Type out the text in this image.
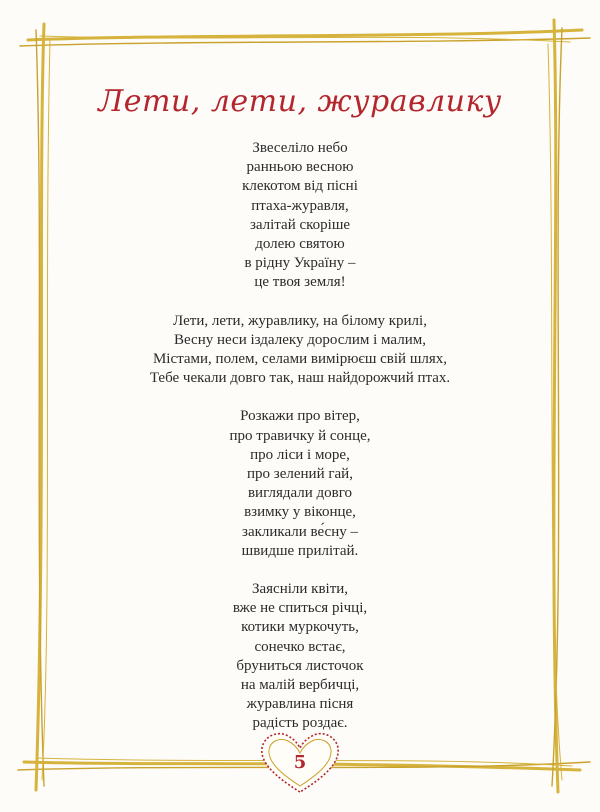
Лети, лети, журавлику
Звеселіло небо
ранньою весною
клекотом від пісні
птаха-журавля,
залітай скоріше
долею святою
в рідну Україну –
це твоя земля!
Лети, лети, журавлику, на білому крилі,
Весну неси іздалеку дорослим і малим,
Містами, полем, селами вимірюєш свій шлях,
Тебе чекали довго так, наш найдорожчий птах.
Розкажи про вітер,
про травичку й сонце,
про ліси і море,
про зелений гай,
виглядали довго
взимку у віконце,
закликали ве́сну –
швидше прилітай.
Заясніли квіти,
вже не спиться річці,
котики муркочуть,
сонечко встає,
бруниться листочок
на малій вербичці,
журавлина пісня
радість роздає.
5
